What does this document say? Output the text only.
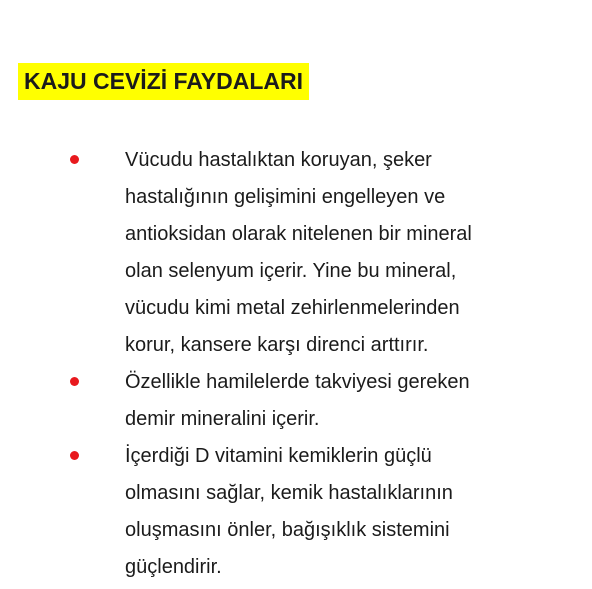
KAJU CEVİZİ FAYDALARI
Vücudu hastalıktan koruyan, şeker
hastalığının gelişimini engelleyen ve
antioksidan olarak nitelenen bir mineral
olan selenyum içerir. Yine bu mineral,
vücudu kimi metal zehirlenmelerinden
korur, kansere karşı direnci arttırır.
Özellikle hamilelerde takviyesi gereken
demir mineralini içerir.
İçerdiği D vitamini kemiklerin güçlü
olmasını sağlar, kemik hastalıklarının
oluşmasını önler, bağışıklık sistemini
güçlendirir.
